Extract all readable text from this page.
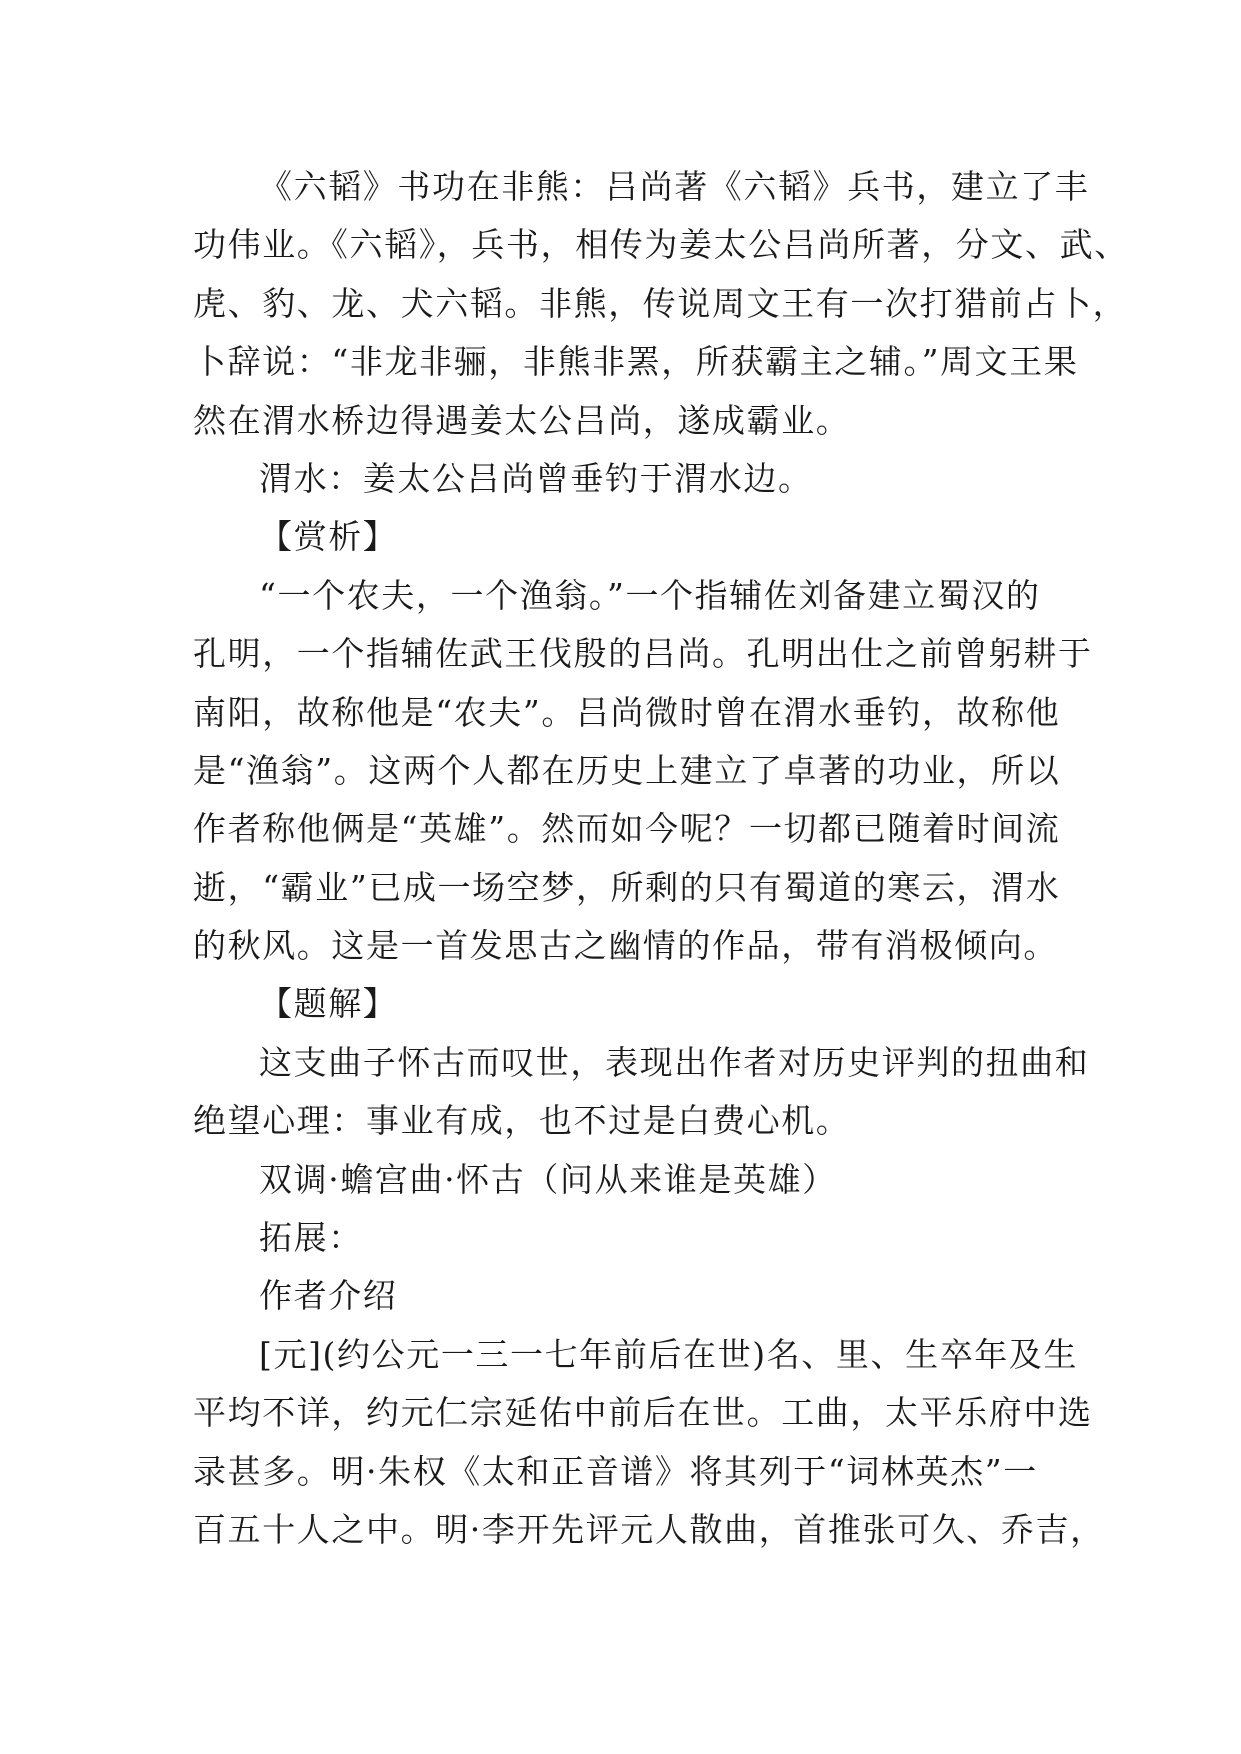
《六韬》书功在非熊：吕尚著《六韬》兵书，建立了丰
功伟业。《六韬》，兵书，相传为姜太公吕尚所著，分文、武、
虎、豹、龙、犬六韬。非熊，传说周文王有一次打猎前占卜，
卜辞说：“非龙非骊，非熊非罴，所获霸主之辅。”周文王果
然在渭水桥边得遇姜太公吕尚，遂成霸业。
渭水：姜太公吕尚曾垂钓于渭水边。
【赏析】
“一个农夫，一个渔翁。”一个指辅佐刘备建立蜀汉的
孔明，一个指辅佐武王伐殷的吕尚。孔明出仕之前曾躬耕于
南阳，故称他是“农夫”。吕尚微时曾在渭水垂钓，故称他
是“渔翁”。这两个人都在历史上建立了卓著的功业，所以
作者称他俩是“英雄”。然而如今呢？一切都已随着时间流
逝，“霸业”已成一场空梦，所剩的只有蜀道的寒云，渭水
的秋风。这是一首发思古之幽情的作品，带有消极倾向。
【题解】
这支曲子怀古而叹世，表现出作者对历史评判的扭曲和
绝望心理：事业有成，也不过是白费心机。
双调·蟾宫曲·怀古（问从来谁是英雄）
拓展：
作者介绍
[元](约公元一三一七年前后在世)名、里、生卒年及生
平均不详，约元仁宗延佑中前后在世。工曲，太平乐府中选
录甚多。明·朱权《太和正音谱》将其列于“词林英杰”一
百五十人之中。明·李开先评元人散曲，首推张可久、乔吉，
